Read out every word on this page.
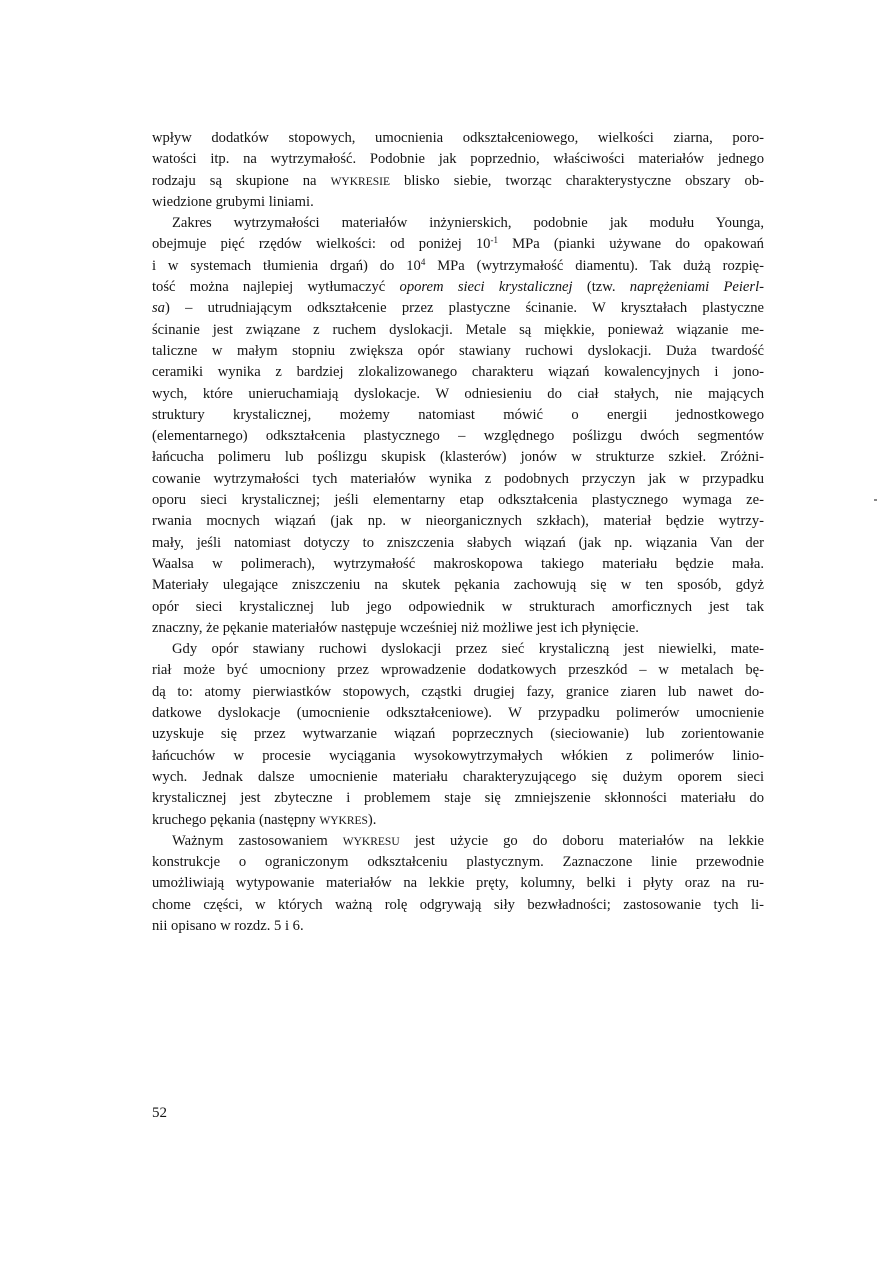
wpływ dodatków stopowych, umocnienia odkształceniowego, wielkości ziarna, poro-
watości itp. na wytrzymałość. Podobnie jak poprzednio, właściwości materiałów jednego
rodzaju są skupione na WYKRESIE blisko siebie, tworząc charakterystyczne obszary ob-
wiedzione grubymi liniami.
Zakres wytrzymałości materiałów inżynierskich, podobnie jak modułu Younga,
obejmuje pięć rzędów wielkości: od poniżej $10^{-1}$ MPa (pianki używane do opakowań
i w systemach tłumienia drgań) do $10^4$ MPa (wytrzymałość diamentu). Tak dużą rozpię-
tość można najlepiej wytłumaczyć oporem sieci krystalicznej (tzw. naprężeniami Peierl-
sa) – utrudniającym odkształcenie przez plastyczne ścinanie. W kryształach plastyczne
ścinanie jest związane z ruchem dyslokacji. Metale są miękkie, ponieważ wiązanie me-
taliczne w małym stopniu zwiększa opór stawiany ruchowi dyslokacji. Duża twardość
ceramiki wynika z bardziej zlokalizowanego charakteru wiązań kowalencyjnych i jono-
wych, które unieruchamiają dyslokacje. W odniesieniu do ciał stałych, nie mających
struktury krystalicznej, możemy natomiast mówić o energii jednostkowego
(elementarnego) odkształcenia plastycznego – względnego poślizgu dwóch segmentów
łańcucha polimeru lub poślizgu skupisk (klasterów) jonów w strukturze szkieł. Zróżni-
cowanie wytrzymałości tych materiałów wynika z podobnych przyczyn jak w przypadku
oporu sieci krystalicznej; jeśli elementarny etap odkształcenia plastycznego wymaga ze-
rwania mocnych wiązań (jak np. w nieorganicznych szkłach), materiał będzie wytrzy-
mały, jeśli natomiast dotyczy to zniszczenia słabych wiązań (jak np. wiązania Van der
Waalsa w polimerach), wytrzymałość makroskopowa takiego materiału będzie mała.
Materiały ulegające zniszczeniu na skutek pękania zachowują się w ten sposób, gdyż
opór sieci krystalicznej lub jego odpowiednik w strukturach amorficznych jest tak
znaczny, że pękanie materiałów następuje wcześniej niż możliwe jest ich płynięcie.
Gdy opór stawiany ruchowi dyslokacji przez sieć krystaliczną jest niewielki, mate-
riał może być umocniony przez wprowadzenie dodatkowych przeszkód – w metalach bę-
dą to: atomy pierwiastków stopowych, cząstki drugiej fazy, granice ziaren lub nawet do-
datkowe dyslokacje (umocnienie odkształceniowe). W przypadku polimerów umocnienie
uzyskuje się przez wytwarzanie wiązań poprzecznych (sieciowanie) lub zorientowanie
łańcuchów w procesie wyciągania wysokowytrzymałych włókien z polimerów linio-
wych. Jednak dalsze umocnienie materiału charakteryzującego się dużym oporem sieci
krystalicznej jest zbyteczne i problemem staje się zmniejszenie skłonności materiału do
kruchego pękania (następny WYKRES).
Ważnym zastosowaniem WYKRESU jest użycie go do doboru materiałów na lekkie
konstrukcje o ograniczonym odkształceniu plastycznym. Zaznaczone linie przewodnie
umożliwiają wytypowanie materiałów na lekkie pręty, kolumny, belki i płyty oraz na ru-
chome części, w których ważną rolę odgrywają siły bezwładności; zastosowanie tych li-
nii opisano w rozdz. 5 i 6.
52
